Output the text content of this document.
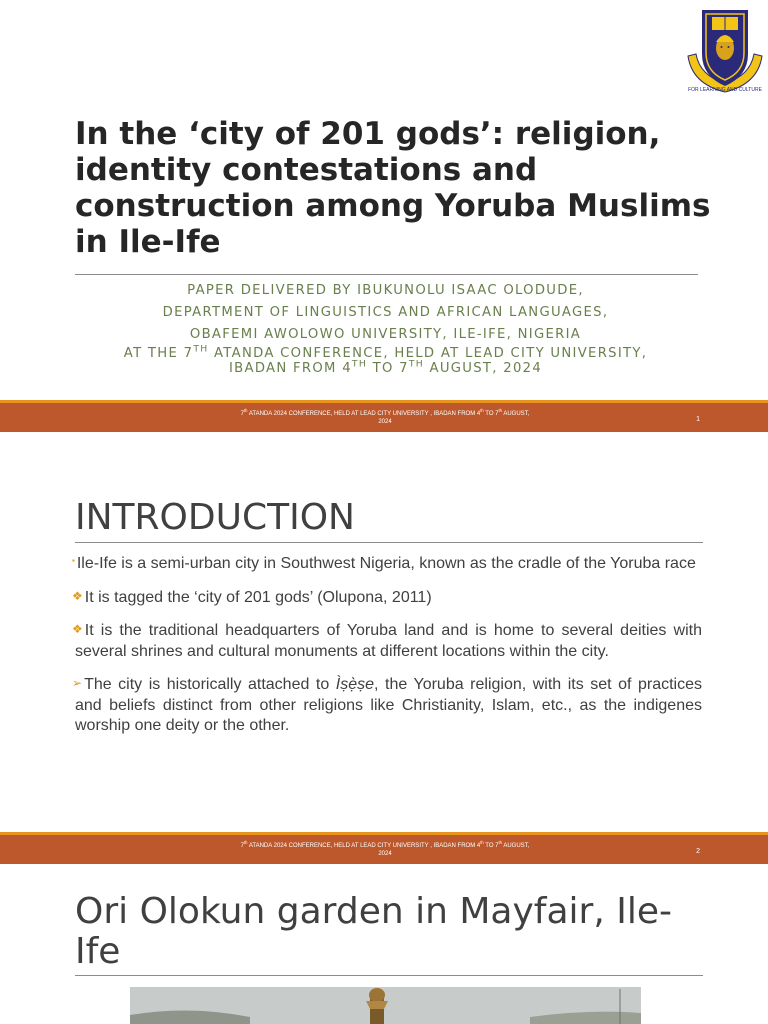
FOR LEARNING AND CULTURE
In the ‘city of 201 gods’: religion, identity contestations and construction among Yoruba Muslims in Ile-Ife
PAPER DELIVERED BY IBUKUNOLU ISAAC OLODUDE,
DEPARTMENT OF LINGUISTICS AND AFRICAN LANGUAGES,
OBAFEMI AWOLOWO UNIVERSITY, ILE-IFE, NIGERIA
AT THE 7TH ATANDA CONFERENCE, HELD AT LEAD CITY UNIVERSITY,
IBADAN FROM 4TH TO 7TH AUGUST, 2024
7th ATANDA 2024 CONFERENCE, HELD AT LEAD CITY UNIVERSITY , IBADAN FROM 4th TO 7th AUGUST,
2024	1
INTRODUCTION
▪ Ile-Ife is a semi-urban city in Southwest Nigeria, known as the cradle of the Yoruba race
❖ It is tagged the ‘city of 201 gods’ (Olupona, 2011)
❖ It is the traditional headquarters of Yoruba land and is home to several deities with several shrines and cultural monuments at different locations within the city.
➢ The city is historically attached to Ìṣẹ̀ṣe, the Yoruba religion, with its set of practices and beliefs distinct from other religions like Christianity, Islam, etc., as the indigenes worship one deity or the other.
7th ATANDA 2024 CONFERENCE, HELD AT LEAD CITY UNIVERSITY , IBADAN FROM 4th TO 7th AUGUST,
2024	2
Ori Olokun garden in Mayfair, Ile-Ife
